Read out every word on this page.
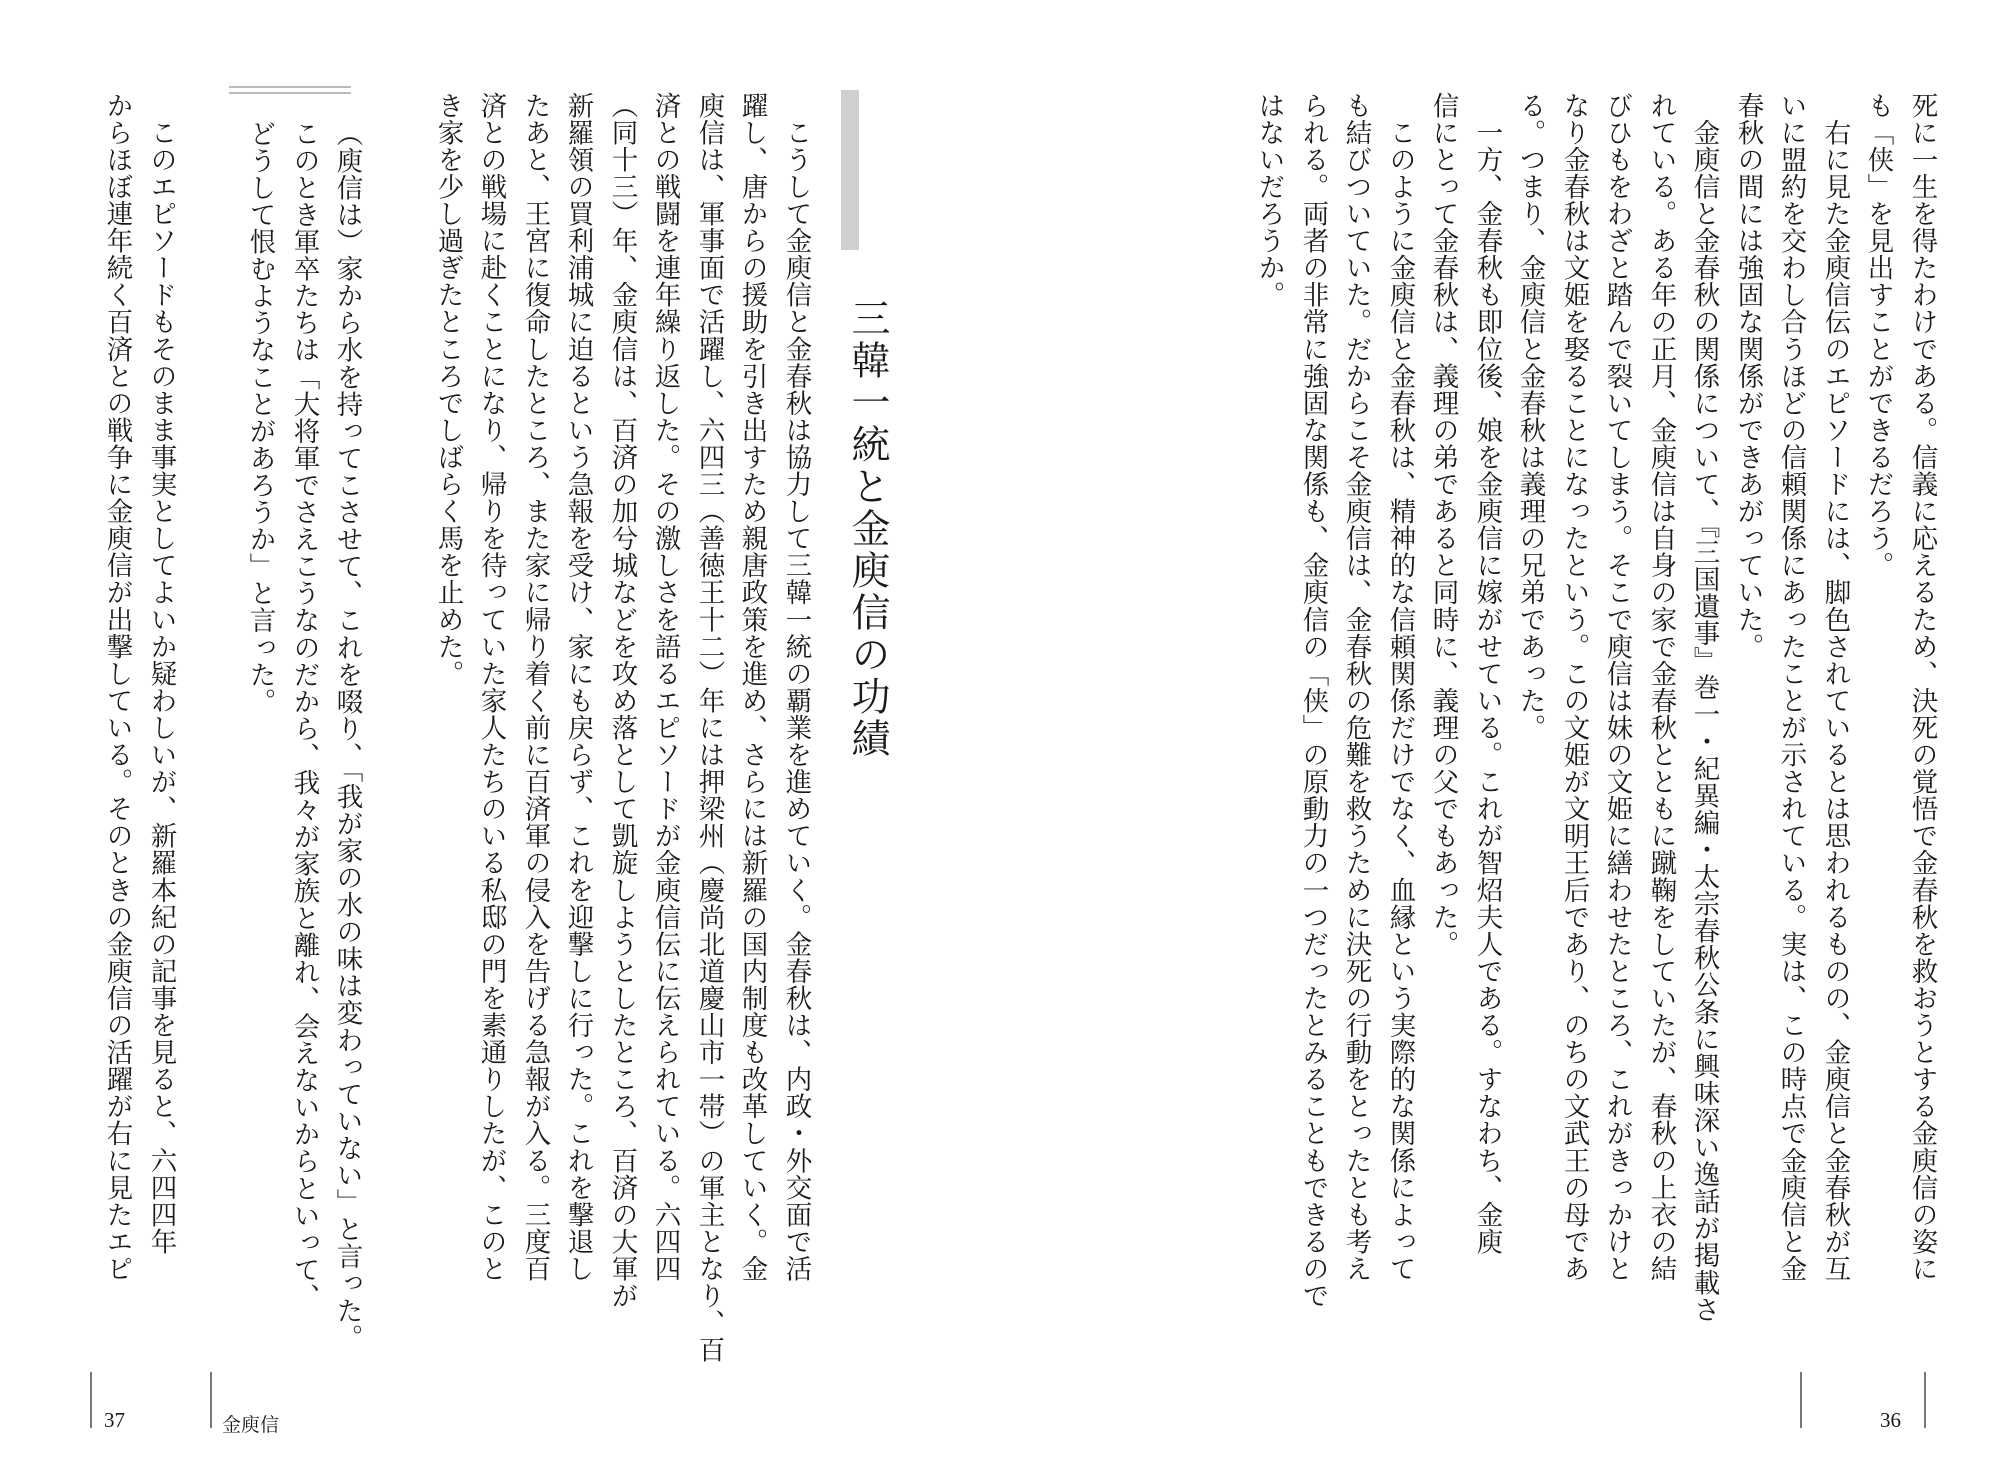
死に一生を得たわけである。信義に応えるため、決死の覚悟で金春秋を救おうとする金庾信の姿に
も「侠」を見出すことができるだろう。
　右に見た金庾信伝のエピソードには、脚色されているとは思われるものの、金庾信と金春秋が互
いに盟約を交わし合うほどの信頼関係にあったことが示されている。実は、この時点で金庾信と金
春秋の間には強固な関係ができあがっていた。
　金庾信と金春秋の関係について、『三国遺事』巻一・紀異編・太宗春秋公条に興味深い逸話が掲載さ
れている。ある年の正月、金庾信は自身の家で金春秋とともに蹴鞠をしていたが、春秋の上衣の結
びひもをわざと踏んで裂いてしまう。そこで庾信は妹の文姫に繕わせたところ、これがきっかけと
なり金春秋は文姫を娶ることになったという。この文姫が文明王后であり、のちの文武王の母であ
る。つまり、金庾信と金春秋は義理の兄弟であった。
　一方、金春秋も即位後、娘を金庾信に嫁がせている。これが智炤夫人である。すなわち、金庾
信にとって金春秋は、義理の弟であると同時に、義理の父でもあった。
　このように金庾信と金春秋は、精神的な信頼関係だけでなく、血縁という実際的な関係によって
も結びついていた。だからこそ金庾信は、金春秋の危難を救うために決死の行動をとったとも考え
られる。両者の非常に強固な関係も、金庾信の「侠」の原動力の一つだったとみることもできるので
はないだろうか。
36
三韓一統と金庾信の功績
　こうして金庾信と金春秋は協力して三韓一統の覇業を進めていく。金春秋は、内政・外交面で活
躍し、唐からの援助を引き出すため親唐政策を進め、さらには新羅の国内制度も改革していく。金
庾信は、軍事面で活躍し、六四三（善徳王十二）年には押梁州（慶尚北道慶山市一帯）の軍主となり、百
済との戦闘を連年繰り返した。その激しさを語るエピソードが金庾信伝に伝えられている。六四四
（同十三）年、金庾信は、百済の加兮城などを攻め落として凱旋しようとしたところ、百済の大軍が
新羅領の買利浦城に迫るという急報を受け、家にも戻らず、これを迎撃しに行った。これを撃退し
たあと、王宮に復命したところ、また家に帰り着く前に百済軍の侵入を告げる急報が入る。三度百
済との戦場に赴くことになり、帰りを待っていた家人たちのいる私邸の門を素通りしたが、このと
き家を少し過ぎたところでしばらく馬を止めた。
（庾信は）家から水を持ってこさせて、これを啜り、「我が家の水の味は変わっていない」と言った。
このとき軍卒たちは「大将軍でさえこうなのだから、我々が家族と離れ、会えないからといって、
どうして恨むようなことがあろうか」と言った。
　このエピソードもそのまま事実としてよいか疑わしいが、新羅本紀の記事を見ると、六四四年
からほぼ連年続く百済との戦争に金庾信が出撃している。そのときの金庾信の活躍が右に見たエピ
37	金庾信
